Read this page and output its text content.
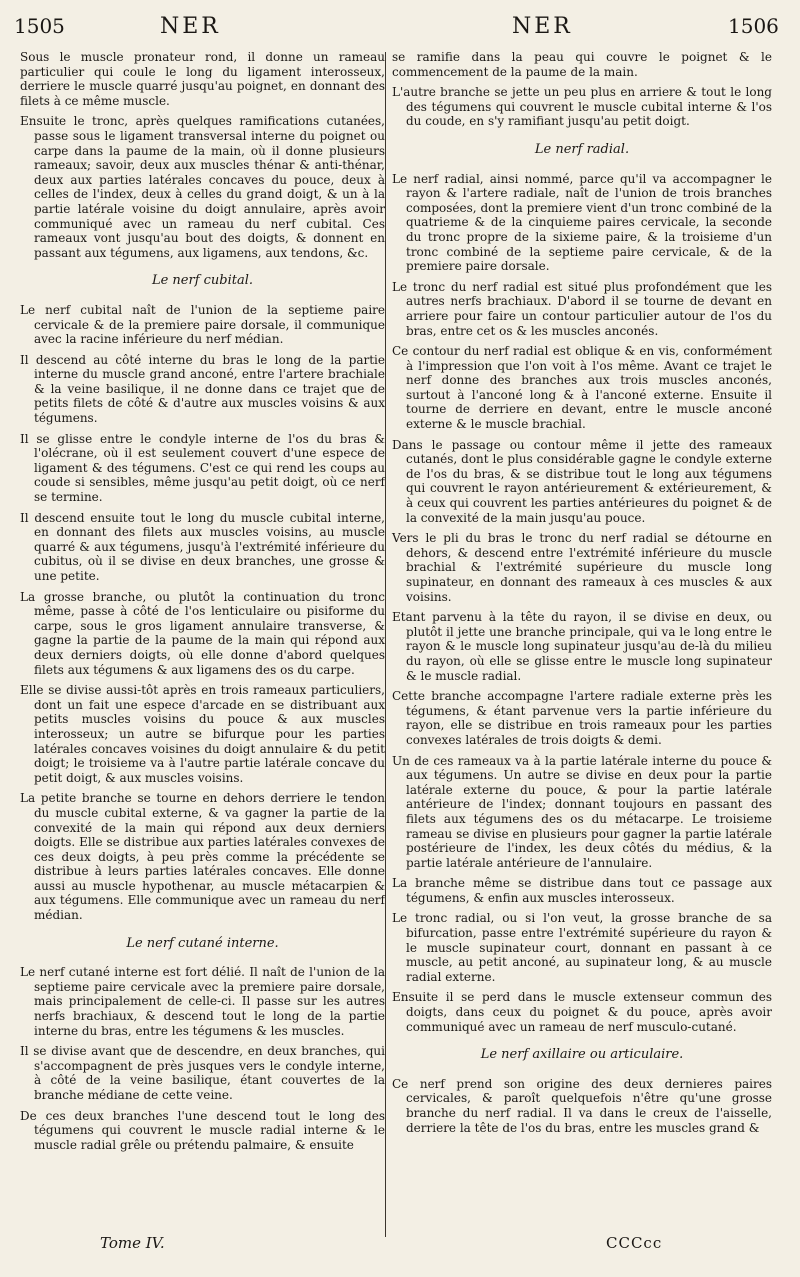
1505	NER	NER	1506

Sous le muscle pronateur rond, il donne un rameau particulier qui coule le long du ligament interosseux, derriere le muscle quarré jusqu'au poignet, en donnant des filets à ce même muscle.

Ensuite le tronc, après quelques ramifications cutanées, passe sous le ligament transversal interne du poignet ou carpe dans la paume de la main, où il donne plusieurs rameaux; savoir, deux aux muscles thénar & anti-thénar, deux aux parties latérales concaves du pouce, deux à celles de l'index, deux à celles du grand doigt, & un à la partie latérale voisine du doigt annulaire, après avoir communiqué avec un rameau du nerf cubital. Ces rameaux vont jusqu'au bout des doigts, & donnent en passant aux tégumens, aux ligamens, aux tendons, &c.

Le nerf cubital.

Le nerf cubital naît de l'union de la septieme paire cervicale & de la premiere paire dorsale, il communique avec la racine inférieure du nerf médian.

Il descend au côté interne du bras le long de la partie interne du muscle grand anconé, entre l'artere brachiale & la veine basilique, il ne donne dans ce trajet que de petits filets de côté & d'autre aux muscles voisins & aux tégumens.

Il se glisse entre le condyle interne de l'os du bras & l'olécrane, où il est seulement couvert d'une espece de ligament & des tégumens. C'est ce qui rend les coups au coude si sensibles, même jusqu'au petit doigt, où ce nerf se termine.

Il descend ensuite tout le long du muscle cubital interne, en donnant des filets aux muscles voisins, au muscle quarré & aux tégumens, jusqu'à l'extrémité inférieure du cubitus, où il se divise en deux branches, une grosse & une petite.

La grosse branche, ou plutôt la continuation du tronc même, passe à côté de l'os lenticulaire ou pisiforme du carpe, sous le gros ligament annulaire transverse, & gagne la partie de la paume de la main qui répond aux deux derniers doigts, où elle donne d'abord quelques filets aux tégumens & aux ligamens des os du carpe.

Elle se divise aussi-tôt après en trois rameaux particuliers, dont un fait une espece d'arcade en se distribuant aux petits muscles voisins du pouce & aux muscles interosseux; un autre se bifurque pour les parties latérales concaves voisines du doigt annulaire & du petit doigt; le troisieme va à l'autre partie latérale concave du petit doigt, & aux muscles voisins.

La petite branche se tourne en dehors derriere le tendon du muscle cubital externe, & va gagner la partie de la convexité de la main qui répond aux deux derniers doigts. Elle se distribue aux parties latérales convexes de ces deux doigts, à peu près comme la précédente se distribue à leurs parties latérales concaves. Elle donne aussi au muscle hypothenar, au muscle métacarpien & aux tégumens. Elle communique avec un rameau du nerf médian.

Le nerf cutané interne.

Le nerf cutané interne est fort délié. Il naît de l'union de la septieme paire cervicale avec la premiere paire dorsale, mais principalement de celle-ci. Il passe sur les autres nerfs brachiaux, & descend tout le long de la partie interne du bras, entre les tégumens & les muscles.

Il se divise avant que de descendre, en deux branches, qui s'accompagnent de près jusques vers le condyle interne, à côté de la veine basilique, étant couvertes de la branche médiane de cette veine.

De ces deux branches l'une descend tout le long des tégumens qui couvrent le muscle radial interne & le muscle radial grêle ou prétendu palmaire, & ensuite

se ramifie dans la peau qui couvre le poignet & le commencement de la paume de la main.

L'autre branche se jette un peu plus en arriere & tout le long des tégumens qui couvrent le muscle cubital interne & l'os du coude, en s'y ramifiant jusqu'au petit doigt.

Le nerf radial.

Le nerf radial, ainsi nommé, parce qu'il va accompagner le rayon & l'artere radiale, naît de l'union de trois branches composées, dont la premiere vient d'un tronc combiné de la quatrieme & de la cinquieme paires cervicale, la seconde du tronc propre de la sixieme paire, & la troisieme d'un tronc combiné de la septieme paire cervicale, & de la premiere paire dorsale.

Le tronc du nerf radial est situé plus profondément que les autres nerfs brachiaux. D'abord il se tourne de devant en arriere pour faire un contour particulier autour de l'os du bras, entre cet os & les muscles anconés.

Ce contour du nerf radial est oblique & en vis, conformément à l'impression que l'on voit à l'os même. Avant ce trajet le nerf donne des branches aux trois muscles anconés, surtout à l'anconé long & à l'anconé externe. Ensuite il tourne de derriere en devant, entre le muscle anconé externe & le muscle brachial.

Dans le passage ou contour même il jette des rameaux cutanés, dont le plus considérable gagne le condyle externe de l'os du bras, & se distribue tout le long aux tégumens qui couvrent le rayon antérieurement & extérieurement, & à ceux qui couvrent les parties antérieures du poignet & de la convexité de la main jusqu'au pouce.

Vers le pli du bras le tronc du nerf radial se détourne en dehors, & descend entre l'extrémité inférieure du muscle brachial & l'extrémité supérieure du muscle long supinateur, en donnant des rameaux à ces muscles & aux voisins.

Etant parvenu à la tête du rayon, il se divise en deux, ou plutôt il jette une branche principale, qui va le long entre le rayon & le muscle long supinateur jusqu'au de-là du milieu du rayon, où elle se glisse entre le muscle long supinateur & le muscle radial.

Cette branche accompagne l'artere radiale externe près les tégumens, & étant parvenue vers la partie inférieure du rayon, elle se distribue en trois rameaux pour les parties convexes latérales de trois doigts & demi.

Un de ces rameaux va à la partie latérale interne du pouce & aux tégumens. Un autre se divise en deux pour la partie latérale externe du pouce, & pour la partie latérale antérieure de l'index; donnant toujours en passant des filets aux tégumens des os du métacarpe. Le troisieme rameau se divise en plusieurs pour gagner la partie latérale postérieure de l'index, les deux côtés du médius, & la partie latérale antérieure de l'annulaire.

La branche même se distribue dans tout ce passage aux tégumens, & enfin aux muscles interosseux.

Le tronc radial, ou si l'on veut, la grosse branche de sa bifurcation, passe entre l'extrémité supérieure du rayon & le muscle supinateur court, donnant en passant à ce muscle, au petit anconé, au supinateur long, & au muscle radial externe.

Ensuite il se perd dans le muscle extenseur commun des doigts, dans ceux du poignet & du pouce, après avoir communiqué avec un rameau de nerf musculo-cutané.

Le nerf axillaire ou articulaire.

Ce nerf prend son origine des deux dernieres paires cervicales, & paroît quelquefois n'être qu'une grosse branche du nerf radial. Il va dans le creux de l'aisselle, derriere la tête de l'os du bras, entre les muscles grand &

Tome IV.	CCCcc
